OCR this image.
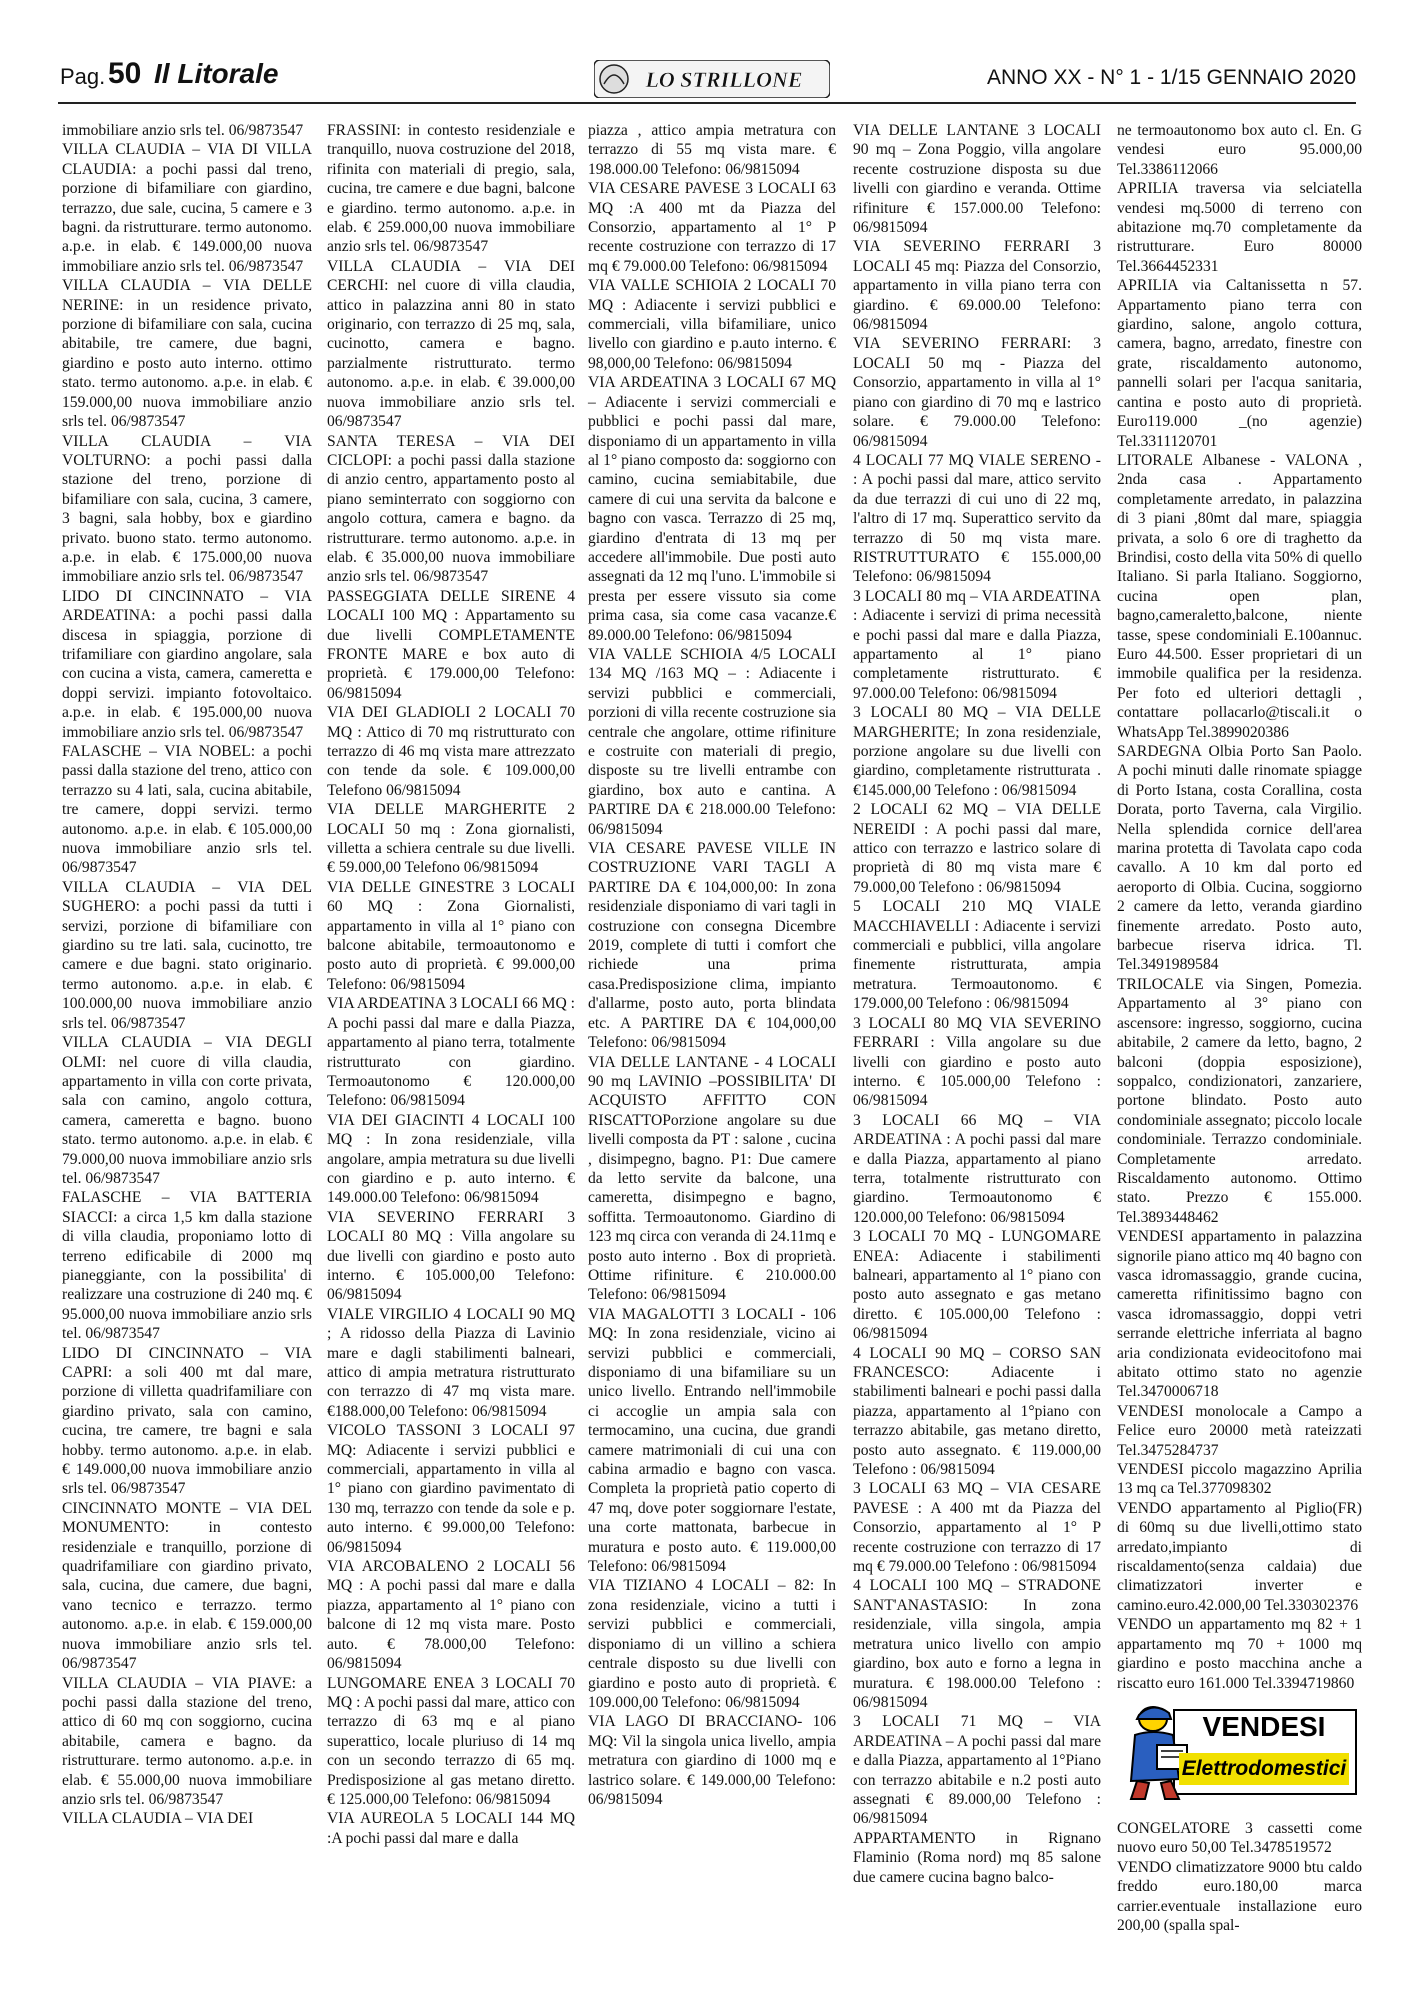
Pag. 50 Il Litorale	LO STRILLONE	ANNO XX - N° 1 - 1/15 GENNAIO 2020

immobiliare anzio srls tel. 06/9873547

VILLA CLAUDIA – VIA DI VILLA CLAUDIA: a pochi passi dal treno, porzione di bifamiliare con giardino, terrazzo, due sale, cucina, 5 camere e 3 bagni. da ristrutturare. termo autonomo. a.p.e. in elab. € 149.000,00 nuova immobiliare anzio srls tel. 06/9873547

VILLA CLAUDIA – VIA DELLE NERINE: in un residence privato, porzione di bifamiliare con sala, cucina abitabile, tre camere, due bagni, giardino e posto auto interno. ottimo stato. termo autonomo. a.p.e. in elab. € 159.000,00 nuova immobiliare anzio srls tel. 06/9873547

VILLA CLAUDIA – VIA VOLTURNO: a pochi passi dalla stazione del treno, porzione di bifamiliare con sala, cucina, 3 camere, 3 bagni, sala hobby, box e giardino privato. buono stato. termo autonomo. a.p.e. in elab. € 175.000,00 nuova immobiliare anzio srls tel. 06/9873547

LIDO DI CINCINNATO – VIA ARDEATINA: a pochi passi dalla discesa in spiaggia, porzione di trifamiliare con giardino angolare, sala con cucina a vista, camera, cameretta e doppi servizi. impianto fotovoltaico. a.p.e. in elab. € 195.000,00 nuova immobiliare anzio srls tel. 06/9873547

FALASCHE – VIA NOBEL: a pochi passi dalla stazione del treno, attico con terrazzo su 4 lati, sala, cucina abitabile, tre camere, doppi servizi. termo autonomo. a.p.e. in elab. € 105.000,00 nuova immobiliare anzio srls tel. 06/9873547

VILLA CLAUDIA – VIA DEL SUGHERO: a pochi passi da tutti i servizi, porzione di bifamiliare con giardino su tre lati. sala, cucinotto, tre camere e due bagni. stato originario. termo autonomo. a.p.e. in elab. € 100.000,00 nuova immobiliare anzio srls tel. 06/9873547

VILLA CLAUDIA – VIA DEGLI OLMI: nel cuore di villa claudia, appartamento in villa con corte privata, sala con camino, angolo cottura, camera, cameretta e bagno. buono stato. termo autonomo. a.p.e. in elab. € 79.000,00 nuova immobiliare anzio srls tel. 06/9873547

FALASCHE – VIA BATTERIA SIACCI: a circa 1,5 km dalla stazione di villa claudia, proponiamo lotto di terreno edificabile di 2000 mq pianeggiante, con la possibilita' di realizzare una costruzione di 240 mq. € 95.000,00 nuova immobiliare anzio srls tel. 06/9873547

LIDO DI CINCINNATO – VIA CAPRI: a soli 400 mt dal mare, porzione di villetta quadrifamiliare con giardino privato, sala con camino, cucina, tre camere, tre bagni e sala hobby. termo autonomo. a.p.e. in elab. € 149.000,00 nuova immobiliare anzio srls tel. 06/9873547

CINCINNATO MONTE – VIA DEL MONUMENTO: in contesto residenziale e tranquillo, porzione di quadrifamiliare con giardino privato, sala, cucina, due camere, due bagni, vano tecnico e terrazzo. termo autonomo. a.p.e. in elab. € 159.000,00 nuova immobiliare anzio srls tel. 06/9873547

VILLA CLAUDIA – VIA PIAVE: a pochi passi dalla stazione del treno, attico di 60 mq con soggiorno, cucina abitabile, camera e bagno. da ristrutturare. termo autonomo. a.p.e. in elab. € 55.000,00 nuova immobiliare anzio srls tel. 06/9873547

VILLA CLAUDIA – VIA DEI

FRASSINI: in contesto residenziale e tranquillo, nuova costruzione del 2018, rifinita con materiali di pregio, sala, cucina, tre camere e due bagni, balcone e giardino. termo autonomo. a.p.e. in elab. € 259.000,00 nuova immobiliare anzio srls tel. 06/9873547

VILLA CLAUDIA – VIA DEI CERCHI: nel cuore di villa claudia, attico in palazzina anni 80 in stato originario, con terrazzo di 25 mq, sala, cucinotto, camera e bagno. parzialmente ristrutturato. termo autonomo. a.p.e. in elab. € 39.000,00 nuova immobiliare anzio srls tel. 06/9873547

SANTA TERESA – VIA DEI CICLOPI: a pochi passi dalla stazione di anzio centro, appartamento posto al piano seminterrato con soggiorno con angolo cottura, camera e bagno. da ristrutturare. termo autonomo. a.p.e. in elab. € 35.000,00 nuova immobiliare anzio srls tel. 06/9873547

PASSEGGIATA DELLE SIRENE 4 LOCALI 100 MQ : Appartamento su due livelli COMPLETAMENTE FRONTE MARE e box auto di proprietà. € 179.000,00 Telefono: 06/9815094

VIA DEI GLADIOLI 2 LOCALI 70 MQ : Attico di 70 mq ristrutturato con terrazzo di 46 mq vista mare attrezzato con tende da sole. € 109.000,00 Telefono 06/9815094

VIA DELLE MARGHERITE 2 LOCALI 50 mq : Zona giornalisti, villetta a schiera centrale su due livelli. € 59.000,00 Telefono 06/9815094

VIA DELLE GINESTRE 3 LOCALI 60 MQ : Zona Giornalisti, appartamento in villa al 1° piano con balcone abitabile, termoautonomo e posto auto di proprietà. € 99.000,00 Telefono: 06/9815094

VIA ARDEATINA 3 LOCALI 66 MQ : A pochi passi dal mare e dalla Piazza, appartamento al piano terra, totalmente ristrutturato con giardino. Termoautonomo € 120.000,00 Telefono: 06/9815094

VIA DEI GIACINTI 4 LOCALI 100 MQ : In zona residenziale, villa angolare, ampia metratura su due livelli con giardino e p. auto interno. € 149.000.00 Telefono: 06/9815094

VIA SEVERINO FERRARI 3 LOCALI 80 MQ : Villa angolare su due livelli con giardino e posto auto interno. € 105.000,00 Telefono: 06/9815094

VIALE VIRGILIO 4 LOCALI 90 MQ ; A ridosso della Piazza di Lavinio mare e dagli stabilimenti balneari, attico di ampia metratura ristrutturato con terrazzo di 47 mq vista mare. €188.000,00 Telefono: 06/9815094

VICOLO TASSONI 3 LOCALI 97 MQ: Adiacente i servizi pubblici e commerciali, appartamento in villa al 1° piano con giardino pavimentato di 130 mq, terrazzo con tende da sole e p. auto interno. € 99.000,00 Telefono: 06/9815094

VIA ARCOBALENO 2 LOCALI 56 MQ : A pochi passi dal mare e dalla piazza, appartamento al 1° piano con balcone di 12 mq vista mare. Posto auto. € 78.000,00 Telefono: 06/9815094

LUNGOMARE ENEA 3 LOCALI 70 MQ : A pochi passi dal mare, attico con terrazzo di 63 mq e al piano superattico, locale pluriuso di 14 mq con un secondo terrazzo di 65 mq. Predisposizione al gas metano diretto. € 125.000,00 Telefono: 06/9815094

VIA AUREOLA 5 LOCALI 144 MQ :A pochi passi dal mare e dalla

piazza , attico ampia metratura con terrazzo di 55 mq vista mare. € 198.000.00 Telefono: 06/9815094

VIA CESARE PAVESE 3 LOCALI 63 MQ :A 400 mt da Piazza del Consorzio, appartamento al 1° P recente costruzione con terrazzo di 17 mq € 79.000.00 Telefono: 06/9815094

VIA VALLE SCHIOIA 2 LOCALI 70 MQ : Adiacente i servizi pubblici e commerciali, villa bifamiliare, unico livello con giardino e p.auto interno. € 98,000,00 Telefono: 06/9815094

VIA ARDEATINA 3 LOCALI 67 MQ – Adiacente i servizi commerciali e pubblici e pochi passi dal mare, disponiamo di un appartamento in villa al 1° piano composto da: soggiorno con camino, cucina semiabitabile, due camere di cui una servita da balcone e bagno con vasca. Terrazzo di 25 mq, giardino d'entrata di 13 mq per accedere all'immobile. Due posti auto assegnati da 12 mq l'uno. L'immobile si presta per essere vissuto sia come prima casa, sia come casa vacanze.€ 89.000.00 Telefono: 06/9815094

VIA VALLE SCHIOIA 4/5 LOCALI 134 MQ /163 MQ – : Adiacente i servizi pubblici e commerciali, porzioni di villa recente costruzione sia centrale che angolare, ottime rifiniture e costruite con materiali di pregio, disposte su tre livelli entrambe con giardino, box auto e cantina. A PARTIRE DA € 218.000.00 Telefono: 06/9815094

VIA CESARE PAVESE VILLE IN COSTRUZIONE VARI TAGLI A PARTIRE DA € 104,000,00: In zona residenziale disponiamo di vari tagli in costruzione con consegna Dicembre 2019, complete di tutti i comfort che richiede una prima casa.Predisposizione clima, impianto d'allarme, posto auto, porta blindata etc. A PARTIRE DA € 104,000,00 Telefono: 06/9815094

VIA DELLE LANTANE - 4 LOCALI 90 mq LAVINIO –POSSIBILITA' DI ACQUISTO AFFITTO CON RISCATTOPorzione angolare su due livelli composta da PT : salone , cucina , disimpegno, bagno. P1: Due camere da letto servite da balcone, una cameretta, disimpegno e bagno, soffitta. Termoautonomo. Giardino di 123 mq circa con veranda di 24.11mq e posto auto interno . Box di proprietà. Ottime rifiniture. € 210.000.00 Telefono: 06/9815094

VIA MAGALOTTI 3 LOCALI - 106 MQ: In zona residenziale, vicino ai servizi pubblici e commerciali, disponiamo di una bifamiliare su un unico livello. Entrando nell'immobile ci accoglie un ampia sala con termocamino, una cucina, due grandi camere matrimoniali di cui una con cabina armadio e bagno con vasca. Completa la proprietà patio coperto di 47 mq, dove poter soggiornare l'estate, una corte mattonata, barbecue in muratura e posto auto. € 119.000,00 Telefono: 06/9815094

VIA TIZIANO 4 LOCALI – 82: In zona residenziale, vicino a tutti i servizi pubblici e commerciali, disponiamo di un villino a schiera centrale disposto su due livelli con giardino e posto auto di proprietà. € 109.000,00 Telefono: 06/9815094

VIA LAGO DI BRACCIANO- 106 MQ: Vil la singola unica livello, ampia metratura con giardino di 1000 mq e lastrico solare. € 149.000,00 Telefono: 06/9815094

VIA DELLE LANTANE 3 LOCALI 90 mq – Zona Poggio, villa angolare recente costruzione disposta su due livelli con giardino e veranda. Ottime rifiniture € 157.000.00 Telefono: 06/9815094

VIA SEVERINO FERRARI 3 LOCALI 45 mq: Piazza del Consorzio, appartamento in villa piano terra con giardino. € 69.000.00 Telefono: 06/9815094

VIA SEVERINO FERRARI: 3 LOCALI 50 mq - Piazza del Consorzio, appartamento in villa al 1° piano con giardino di 70 mq e lastrico solare. € 79.000.00 Telefono: 06/9815094

4 LOCALI 77 MQ VIALE SERENO - : A pochi passi dal mare, attico servito da due terrazzi di cui uno di 22 mq, l'altro di 17 mq. Superattico servito da terrazzo di 50 mq vista mare. RISTRUTTURATO € 155.000,00 Telefono: 06/9815094

3 LOCALI 80 mq – VIA ARDEATINA : Adiacente i servizi di prima necessità e pochi passi dal mare e dalla Piazza, appartamento al 1° piano completamente ristrutturato. € 97.000.00 Telefono: 06/9815094

3 LOCALI 80 MQ – VIA DELLE MARGHERITE; In zona residenziale, porzione angolare su due livelli con giardino, completamente ristrutturata . €145.000,00 Telefono : 06/9815094

2 LOCALI 62 MQ – VIA DELLE NEREIDI : A pochi passi dal mare, attico con terrazzo e lastrico solare di proprietà di 80 mq vista mare € 79.000,00 Telefono : 06/9815094

5 LOCALI 210 MQ VIALE MACCHIAVELLI : Adiacente i servizi commerciali e pubblici, villa angolare finemente ristrutturata, ampia metratura. Termoautonomo. € 179.000,00 Telefono : 06/9815094

3 LOCALI 80 MQ VIA SEVERINO FERRARI : Villa angolare su due livelli con giardino e posto auto interno. € 105.000,00 Telefono : 06/9815094

3 LOCALI 66 MQ – VIA ARDEATINA : A pochi passi dal mare e dalla Piazza, appartamento al piano terra, totalmente ristrutturato con giardino. Termoautonomo € 120.000,00 Telefono: 06/9815094

3 LOCALI 70 MQ - LUNGOMARE ENEA: Adiacente i stabilimenti balneari, appartamento al 1° piano con posto auto assegnato e gas metano diretto. € 105.000,00 Telefono : 06/9815094

4 LOCALI 90 MQ – CORSO SAN FRANCESCO: Adiacente i stabilimenti balneari e pochi passi dalla piazza, appartamento al 1°piano con terrazzo abitabile, gas metano diretto, posto auto assegnato. € 119.000,00 Telefono : 06/9815094

3 LOCALI 63 MQ – VIA CESARE PAVESE : A 400 mt da Piazza del Consorzio, appartamento al 1° P recente costruzione con terrazzo di 17 mq € 79.000.00 Telefono : 06/9815094

4 LOCALI 100 MQ – STRADONE SANT'ANASTASIO: In zona residenziale, villa singola, ampia metratura unico livello con ampio giardino, box auto e forno a legna in muratura. € 198.000.00 Telefono : 06/9815094

3 LOCALI 71 MQ – VIA ARDEATINA – A pochi passi dal mare e dalla Piazza, appartamento al 1°Piano con terrazzo abitabile e n.2 posti auto assegnati € 89.000,00 Telefono : 06/9815094

APPARTAMENTO in Rignano Flaminio (Roma nord) mq 85 salone due camere cucina bagno balco-

ne termoautonomo box auto cl. En. G vendesi euro 95.000,00 Tel.3386112066

APRILIA traversa via selciatella vendesi mq.5000 di terreno con abitazione mq.70 completamente da ristrutturare. Euro 80000 Tel.3664452331

APRILIA via Caltanissetta n 57. Appartamento piano terra con giardino, salone, angolo cottura, camera, bagno, arredato, finestre con grate, riscaldamento autonomo, pannelli solari per l'acqua sanitaria, cantina e posto auto di proprietà. Euro119.000 _(no agenzie) Tel.3311120701

LITORALE Albanese - VALONA , 2nda casa . Appartamento completamente arredato, in palazzina di 3 piani ,80mt dal mare, spiaggia privata, a solo 6 ore di traghetto da Brindisi, costo della vita 50% di quello Italiano. Si parla Italiano. Soggiorno, cucina open plan, bagno,cameraletto,balcone, niente tasse, spese condominiali E.100annuc. Euro 44.500. Esser proprietari di un immobile qualifica per la residenza. Per foto ed ulteriori dettagli , contattare pollacarlo@tiscali.it o WhatsApp Tel.3899020386

SARDEGNA Olbia Porto San Paolo. A pochi minuti dalle rinomate spiagge di Porto Istana, costa Corallina, costa Dorata, porto Taverna, cala Virgilio. Nella splendida cornice dell'area marina protetta di Tavolata capo coda cavallo. A 10 km dal porto ed aeroporto di Olbia. Cucina, soggiorno 2 camere da letto, veranda giardino finemente arredato. Posto auto, barbecue riserva idrica. Tl. Tel.3491989584

TRILOCALE via Singen, Pomezia. Appartamento al 3° piano con ascensore: ingresso, soggiorno, cucina abitabile, 2 camere da letto, bagno, 2 balconi (doppia esposizione), soppalco, condizionatori, zanzariere, portone blindato. Posto auto condominiale assegnato; piccolo locale condominiale. Terrazzo condominiale. Completamente arredato. Riscaldamento autonomo. Ottimo stato. Prezzo € 155.000. Tel.3893448462

VENDESI appartamento in palazzina signorile piano attico mq 40 bagno con vasca idromassaggio, grande cucina, cameretta rifinitissimo bagno con vasca idromassaggio, doppi vetri serrande elettriche inferriata al bagno aria condizionata evideocitofono mai abitato ottimo stato no agenzie Tel.3470006718

VENDESI monolocale a Campo a Felice euro 20000 metà rateizzati Tel.3475284737

VENDESI piccolo magazzino Aprilia 13 mq ca Tel.377098302

VENDO appartamento al Piglio(FR) di 60mq su due livelli,ottimo stato arredato,impianto di riscaldamento(senza caldaia) due climatizzatori inverter e camino.euro.42.000,00 Tel.330302376

VENDO un appartamento mq 82 + 1 appartamento mq 70 + 1000 mq giardino e posto macchina anche a riscatto euro 161.000 Tel.3394719860

VENDESI
Elettrodomestici

CONGELATORE 3 cassetti come nuovo euro 50,00 Tel.3478519572

VENDO climatizzatore 9000 btu caldo freddo euro.180,00 marca carrier.eventuale installazione euro 200,00 (spalla spal-
